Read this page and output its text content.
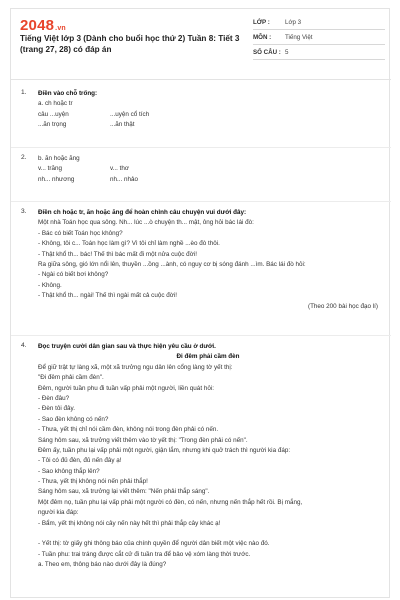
2048.vn
Tiếng Việt lớp 3 (Dành cho buổi học thứ 2) Tuần 8: Tiết 3 (trang 27, 28) có đáp án
LỚP :	Lớp 3
MÔN :	Tiếng Việt
SỐ CÂU : 5
1. Điền vào chỗ trống:
a. ch hoặc tr
câu ...uyện	...uyện cổ tích
...ăn trọng	...ăn thật
2. b. ăn hoặc ăng
v... trăng	v... thơ
nh... nhương	nh... nhảo
3. Điền ch hoặc tr, ăn hoặc ăng để hoàn chỉnh câu chuyện vui dưới đây:
Một nhà Toán học qua sông. Nh... lúc ...ò chuyện th... mật, ông hỏi bác lái đò:
- Bác có biết Toán học không?
- Không, tôi c... Toán học làm gì? Vì tôi chỉ làm nghề ...èo đò thôi.
- Thật khổ th... bác! Thế thì bác mất đi một nửa cuộc đời!
Ra giữa sông, gió lớn nổi lên, thuyền ...ồng ...ành, có nguy cơ bị sóng đánh ...ìm. Bác lái đò hỏi:
- Ngài có biết bơi không?
- Không.
- Thật khổ th... ngài! Thế thì ngài mất cả cuộc đời!
(Theo 200 bài học đạo lí)
4. Đọc truyện cười dân gian sau và thực hiện yêu cầu ở dưới.
Đi đêm phải cầm đèn
Để giữ trật tự làng xã, một xã trưởng ngu dân lên cổng làng tờ yết thị:
"Đi đêm phải cầm đèn".
Đêm, người tuần phu đi tuần vấp phải một người, liền quát hỏi:
- Đèn đâu?
- Đèn tôi đây.
- Sao đèn không có nến?
- Thưa, yết thị chỉ nói cầm đèn, không nói trong đèn phải có nến.
Sáng hôm sau, xã trưởng viết thêm vào tờ yết thị: "Trong đèn phải có nến".
Đêm ấy, tuần phu lại vấp phải một người, giận lắm, nhưng khi quở trách thì người kia đáp:
- Tôi có đủ đèn, đủ nến đây ạ!
- Sao không thắp lên?
- Thưa, yết thị không nói nến phải thắp!
Sáng hôm sau, xã trưởng lại viết thêm: "Nến phải thắp sáng".
Một đêm nọ, tuần phu lại vấp phải một người có đèn, có nến, nhưng nến thắp hết rồi. Bị mắng,
người kia đáp:
- Bẩm, yết thị không nói cây nến này hết thì phải thắp cây khác ạ!
- Yết thị: tờ giấy ghi thông báo của chính quyền để người dân biết một việc nào đó.
- Tuần phu: trai tráng được cắt cử đi tuần tra để bảo vệ xóm làng thời trước.
a. Theo em, thông báo nào dưới đây là đúng?
